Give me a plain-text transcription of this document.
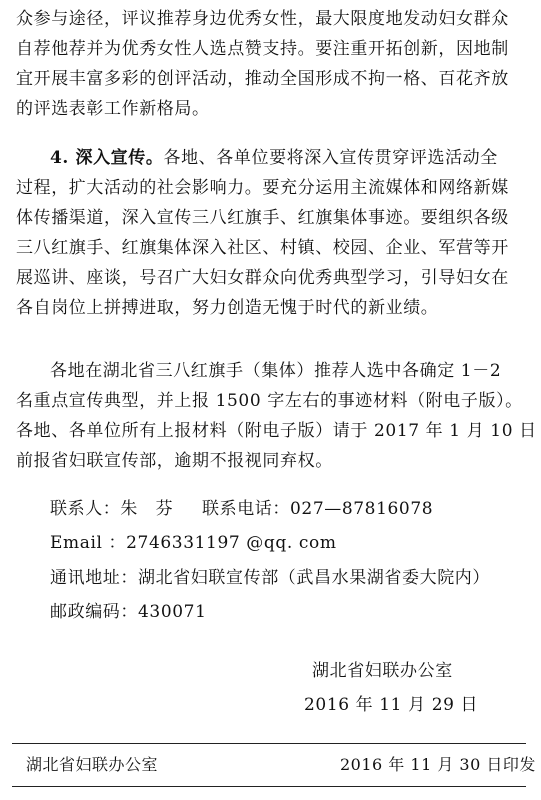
众参与途径，评议推荐身边优秀女性，最大限度地发动妇女群众
自荐他荐并为优秀女性人选点赞支持。要注重开拓创新，因地制
宜开展丰富多彩的创评活动，推动全国形成不拘一格、百花齐放
的评选表彰工作新格局。
4. 深入宣传。各地、各单位要将深入宣传贯穿评选活动全
过程，扩大活动的社会影响力。要充分运用主流媒体和网络新媒
体传播渠道，深入宣传三八红旗手、红旗集体事迹。要组织各级
三八红旗手、红旗集体深入社区、村镇、校园、企业、军营等开
展巡讲、座谈，号召广大妇女群众向优秀典型学习，引导妇女在
各自岗位上拼搏进取，努力创造无愧于时代的新业绩。
各地在湖北省三八红旗手（集体）推荐人选中各确定 1－2
名重点宣传典型，并上报 1500 字左右的事迹材料（附电子版）。
各地、各单位所有上报材料（附电子版）请于 2017 年 1 月 10 日
前报省妇联宣传部，逾期不报视同弃权。
联系人：朱　芬 联系电话：027—87816078
Email ：2746331197 @qq. com
通讯地址：湖北省妇联宣传部（武昌水果湖省委大院内）
邮政编码：430071
湖北省妇联办公室
2016 年 11 月 29 日
湖北省妇联办公室	2016 年 11 月 30 日印发
